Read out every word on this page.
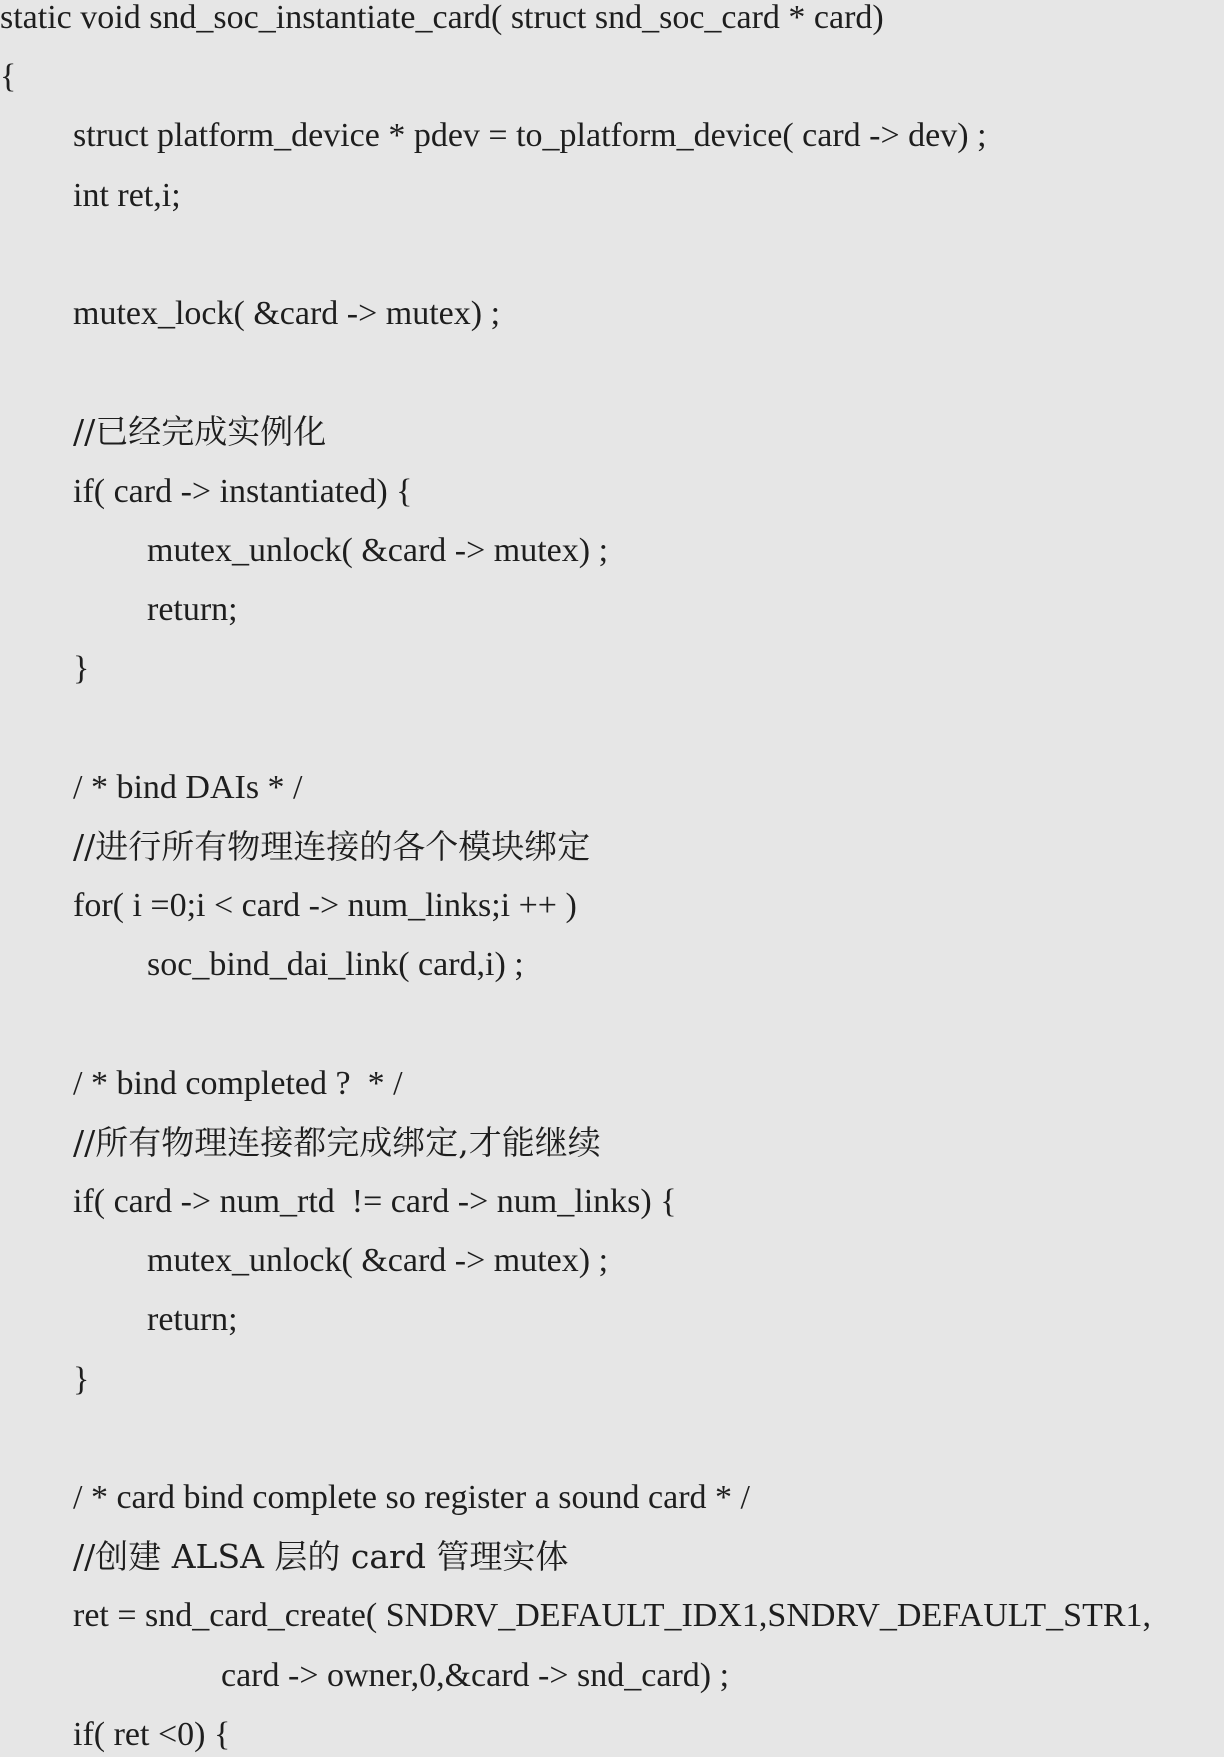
static void snd_soc_instantiate_card( struct snd_soc_card * card)
{
struct platform_device * pdev = to_platform_device( card -> dev) ;
int ret,i;
mutex_lock( &card -> mutex) ;
//已经完成实例化
if( card -> instantiated) {
mutex_unlock( &card -> mutex) ;
return;
}
/ * bind DAIs * /
//进行所有物理连接的各个模块绑定
for( i =0;i < card -> num_links;i ++ )
soc_bind_dai_link( card,i) ;
/ * bind completed ?  * /
//所有物理连接都完成绑定,才能继续
if( card -> num_rtd  != card -> num_links) {
mutex_unlock( &card -> mutex) ;
return;
}
/ * card bind complete so register a sound card * /
//创建 ALSA 层的 card 管理实体
ret = snd_card_create( SNDRV_DEFAULT_IDX1,SNDRV_DEFAULT_STR1,
card -> owner,0,&card -> snd_card) ;
if( ret <0) {
